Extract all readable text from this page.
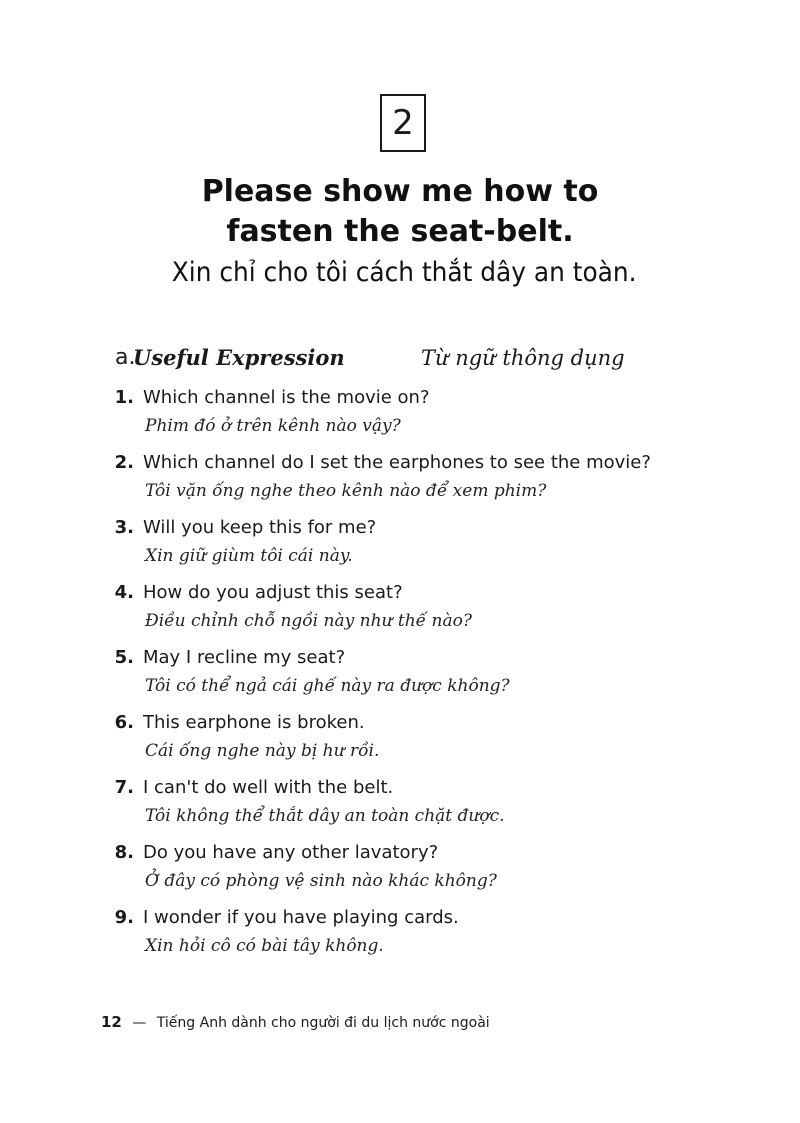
2
Please show me how to
fasten the seat-belt.
Xin chỉ cho tôi cách thắt dây an toàn.
a.
Useful Expression	Từ ngữ thông dụng
1. Which channel is the movie on?
Phim đó ở trên kênh nào vậy?
2. Which channel do I set the earphones to see the movie?
Tôi vặn ống nghe theo kênh nào để xem phim?
3. Will you keep this for me?
Xin giữ giùm tôi cái này.
4. How do you adjust this seat?
Điều chỉnh chỗ ngồi này như thế nào?
5. May I recline my seat?
Tôi có thể ngả cái ghế này ra được không?
6. This earphone is broken.
Cái ống nghe này bị hư rồi.
7. I can't do well with the belt.
Tôi không thể thắt dây an toàn chặt được.
8. Do you have any other lavatory?
Ở đây có phòng vệ sinh nào khác không?
9. I wonder if you have playing cards.
Xin hỏi cô có bài tây không.
12 — Tiếng Anh dành cho người đi du lịch nước ngoài
